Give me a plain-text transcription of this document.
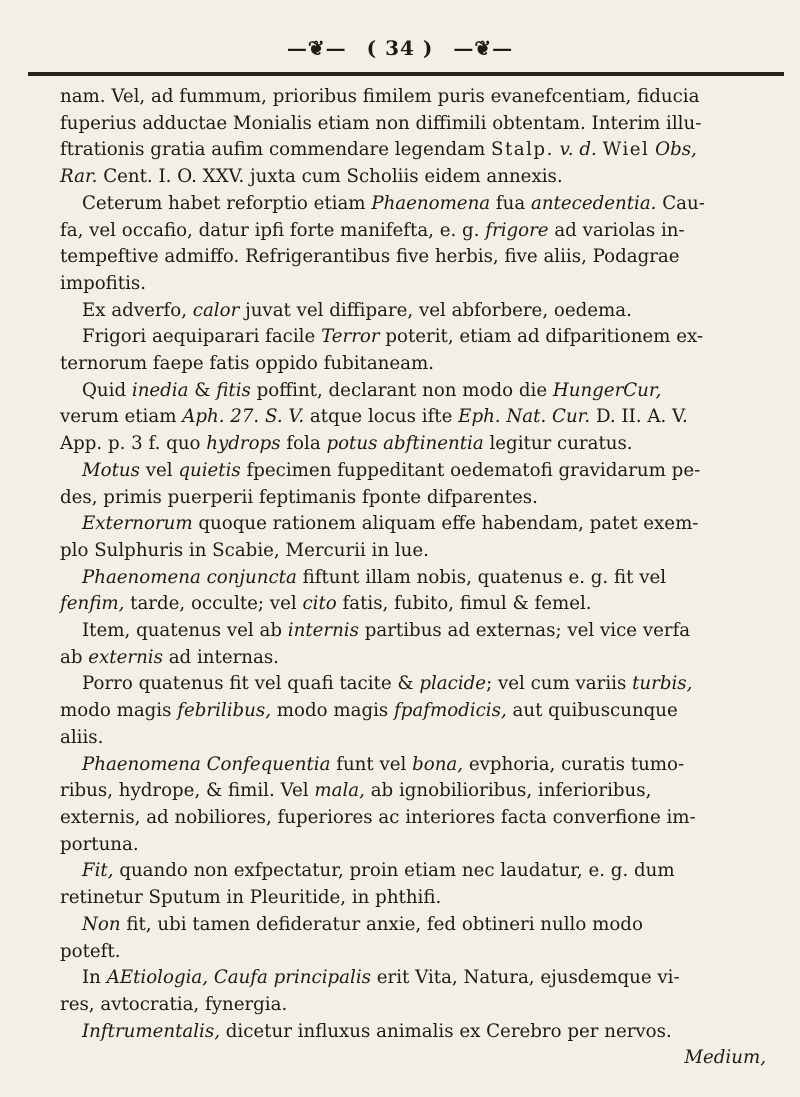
—❦— ( 34 ) —❦—

nam. Vel, ad fummum, prioribus fimilem puris evanefcentiam, fiducia

fuperius adductae Monialis etiam non diffimili obtentam. Interim illu-

ftrationis gratia aufim commendare legendam Stalp. v. d. Wiel Obs,

Rar. Cent. I. O. XXV. juxta cum Scholiis eidem annexis.

Ceterum habet reforptio etiam Phaenomena fua antecedentia. Cau-

fa, vel occafio, datur ipfi forte manifefta, e. g. frigore ad variolas in-

tempeftive admiffo. Refrigerantibus five herbis, five aliis, Podagrae

impofitis.

Ex adverfo, calor juvat vel diffipare, vel abforbere, oedema.

Frigori aequiparari facile Terror poterit, etiam ad difparitionem ex-

ternorum faepe fatis oppido fubitaneam.

Quid inedia & fitis poffint, declarant non modo die HungerCur,

verum etiam Aph. 27. S. V. atque locus ifte Eph. Nat. Cur. D. II. A. V.

App. p. 3 f. quo hydrops fola potus abftinentia legitur curatus.

Motus vel quietis fpecimen fuppeditant oedematofi gravidarum pe-

des, primis puerperii feptimanis fponte difparentes.

Externorum quoque rationem aliquam effe habendam, patet exem-

plo Sulphuris in Scabie, Mercurii in lue.

Phaenomena conjuncta fiftunt illam nobis, quatenus e. g. fit vel

fenfim, tarde, occulte; vel cito fatis, fubito, fimul & femel.

Item, quatenus vel ab internis partibus ad externas; vel vice verfa

ab externis ad internas.

Porro quatenus fit vel quafi tacite & placide; vel cum variis turbis,

modo magis febrilibus, modo magis fpafmodicis, aut quibuscunque

aliis.

Phaenomena Confequentia funt vel bona, evphoria, curatis tumo-

ribus, hydrope, & fimil. Vel mala, ab ignobilioribus, inferioribus,

externis, ad nobiliores, fuperiores ac interiores facta converfione im-

portuna.

Fit, quando non exfpectatur, proin etiam nec laudatur, e. g. dum

retinetur Sputum in Pleuritide, in phthifi.

Non fit, ubi tamen defideratur anxie, fed obtineri nullo modo

poteft.

In AEtiologia, Caufa principalis erit Vita, Natura, ejusdemque vi-

res, avtocratia, fynergia.

Inftrumentalis, dicetur influxus animalis ex Cerebro per nervos.

Medium,
